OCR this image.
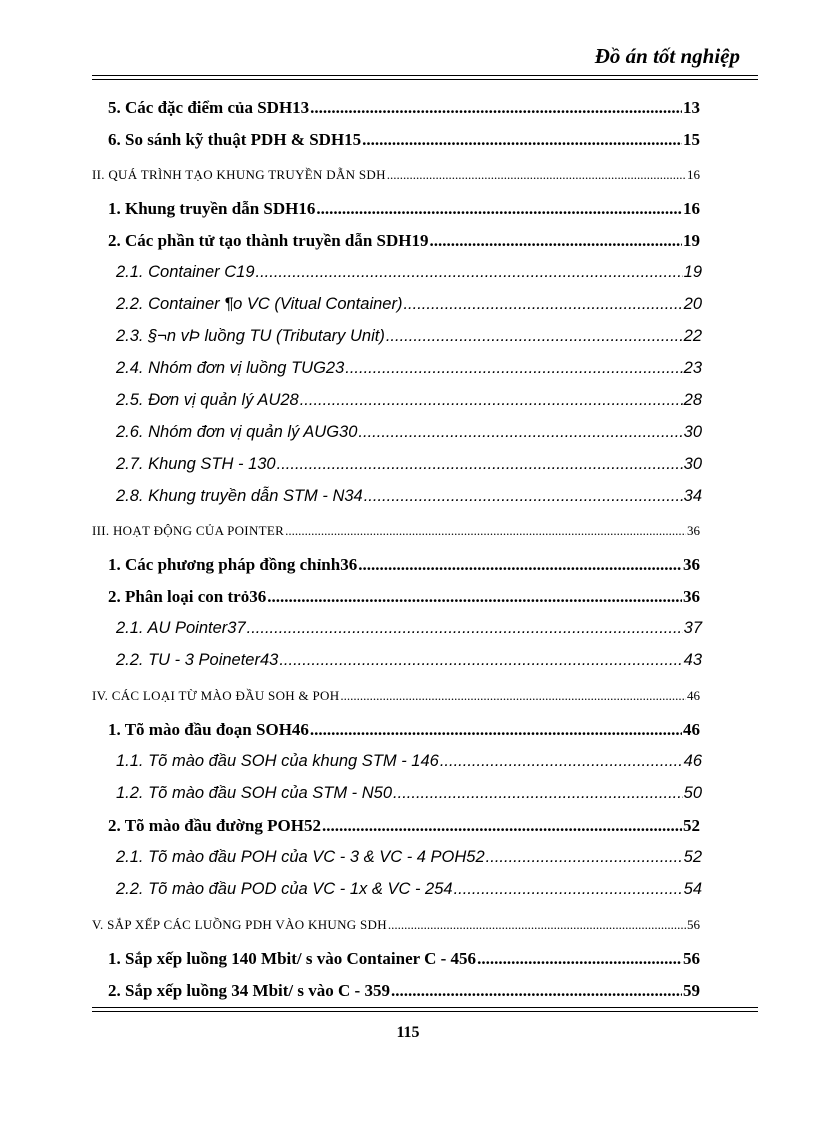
Đồ án tốt nghiệp
5. Các đặc điểm của SDH13 .....	13
6. So sánh kỹ thuật PDH & SDH15 .....	15
II. QUÁ TRÌNH TẠO KHUNG TRUYỀN DẪN SDH .....	16
1. Khung truyền dẫn SDH16 .....	16
2. Các phần tử tạo thành truyền dẫn SDH19 .....	19
2.1. Container C19 .....	19
2.2. Container ¶o VC (Vitual Container) .....	20
2.3. §¬n vÞ luồng TU (Tributary Unit) .....	22
2.4. Nhóm đơn vị luồng TUG23 .....	23
2.5. Đơn vị quản lý AU28 .....	28
2.6. Nhóm đơn vị quản lý AUG30 .....	30
2.7. Khung STH - 130 .....	30
2.8. Khung truyền dẫn STM - N34 .....	34
III. HOẠT ĐỘNG CỦA POINTER .....	36
1. Các phương pháp đồng chỉnh36 .....	36
2. Phân loại con trỏ36 .....	36
2.1. AU Pointer37 .....	37
2.2. TU - 3 Poineter43 .....	43
IV. CÁC LOẠI TỪ MÀO ĐẦU SOH & POH .....	46
1. Tõ mào đầu đoạn SOH46 .....	46
1.1. Tõ mào đầu SOH của khung STM - 146 .....	46
1.2. Tõ mào đầu SOH của STM - N50 .....	50
2. Tõ mào đầu đường POH52 .....	52
2.1. Tõ mào đầu POH của VC - 3 & VC - 4 POH52 .....	52
2.2. Tõ mào đầu POD của VC - 1x & VC - 254 .....	54
V. SẮP XẾP CÁC LUỒNG PDH VÀO KHUNG SDH .....	56
1. Sắp xếp luồng 140 Mbit/ s vào Container C - 456 .....	56
2. Sắp xếp luồng 34 Mbit/ s vào C - 359 .....	59
115
